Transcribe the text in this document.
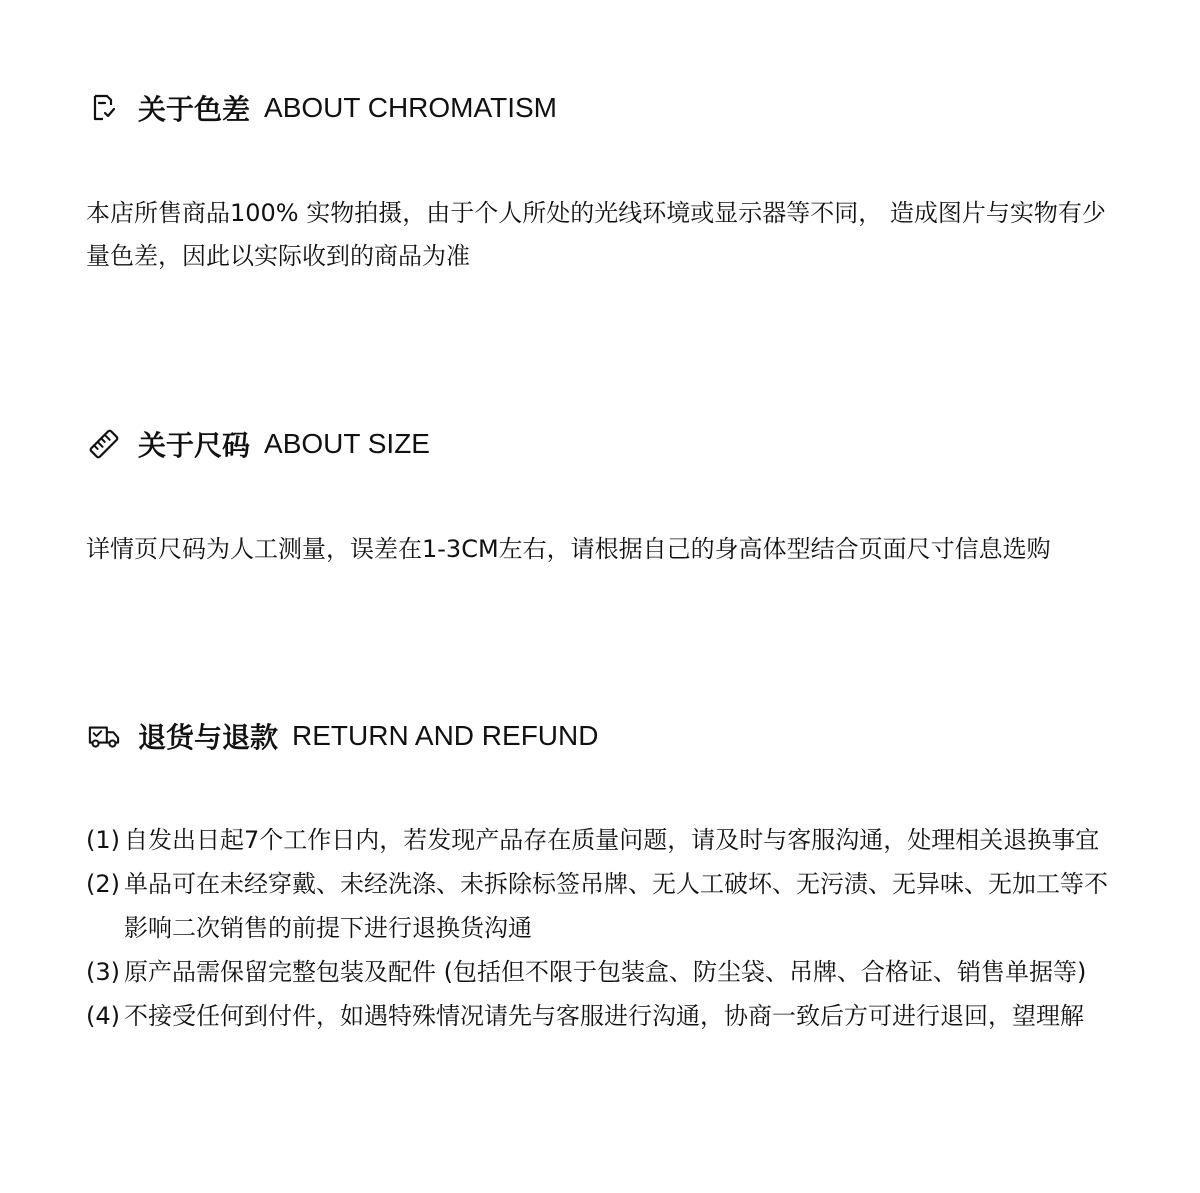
关于色差 ABOUT CHROMATISM
本店所售商品100% 实物拍摄，由于个人所处的光线环境或显示器等不同， 造成图片与实物有少量色差，因此以实际收到的商品为准
关于尺码 ABOUT SIZE
详情页尺码为人工测量，误差在1-3CM左右，请根据自己的身高体型结合页面尺寸信息选购
退货与退款 RETURN AND REFUND
(1) 自发出日起7个工作日内，若发现产品存在质量问题，请及时与客服沟通，处理相关退换事宜
(2) 单品可在未经穿戴、未经洗涤、未拆除标签吊牌、无人工破坏、无污渍、无异味、无加工等不影响二次销售的前提下进行退换货沟通
(3) 原产品需保留完整包装及配件 (包括但不限于包装盒、防尘袋、吊牌、合格证、销售单据等)
(4) 不接受任何到付件，如遇特殊情况请先与客服进行沟通，协商一致后方可进行退回，望理解
